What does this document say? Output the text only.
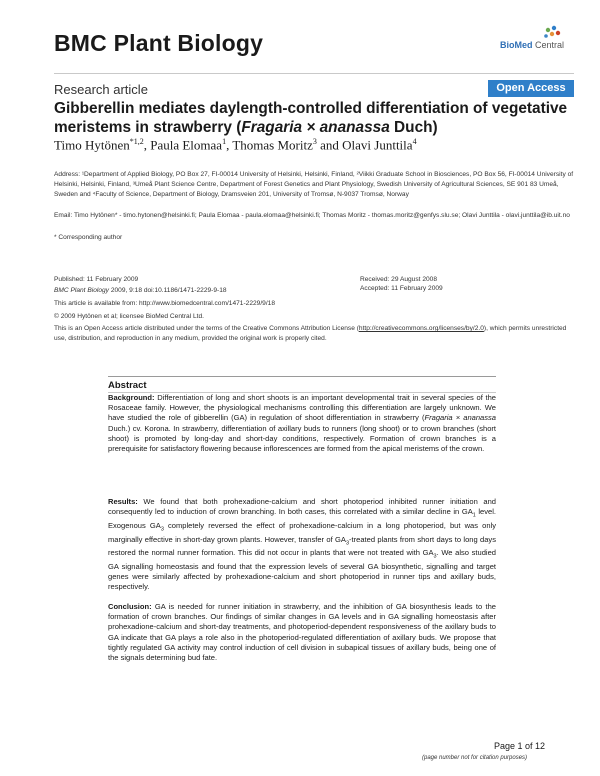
BMC Plant Biology	BioMed Central
Research article	Open Access
Gibberellin mediates daylength-controlled differentiation of vegetative meristems in strawberry (Fragaria × ananassa Duch)
Timo Hytönen$^{*1,2}$, Paula Elomaa$^1$, Thomas Moritz$^3$ and Olavi Junttila$^4$
Address: ¹Department of Applied Biology, PO Box 27, FI-00014 University of Helsinki, Helsinki, Finland, ²Viikki Graduate School in Biosciences, PO Box 56, FI-00014 University of Helsinki, Helsinki, Finland, ³Umeå Plant Science Centre, Department of Forest Genetics and Plant Physiology, Swedish University of Agricultural Sciences, SE 901 83 Umeå, Sweden and ⁴Faculty of Science, Department of Biology, Dramsveien 201, University of Tromsø, N-9037 Tromsø, Norway
Email: Timo Hytönen* - timo.hytonen@helsinki.fi; Paula Elomaa - paula.elomaa@helsinki.fi; Thomas Moritz - thomas.moritz@genfys.slu.se; Olavi Junttila - olavi.junttila@ib.uit.no
* Corresponding author
Published: 11 February 2009
BMC Plant Biology 2009, 9:18 doi:10.1186/1471-2229-9-18
Received: 29 August 2008
Accepted: 11 February 2009
This article is available from: http://www.biomedcentral.com/1471-2229/9/18
© 2009 Hytönen et al; licensee BioMed Central Ltd.
This is an Open Access article distributed under the terms of the Creative Commons Attribution License (http://creativecommons.org/licenses/by/2.0), which permits unrestricted use, distribution, and reproduction in any medium, provided the original work is properly cited.
Abstract
Background: Differentiation of long and short shoots is an important developmental trait in several species of the Rosaceae family. However, the physiological mechanisms controlling this differentiation are largely unknown. We have studied the role of gibberellin (GA) in regulation of shoot differentiation in strawberry (Fragaria × ananassa Duch.) cv. Korona. In strawberry, differentiation of axillary buds to runners (long shoot) or to crown branches (short shoot) is promoted by long-day and short-day conditions, respectively. Formation of crown branches is a prerequisite for satisfactory flowering because inflorescences are formed from the apical meristems of the crown.
Results: We found that both prohexadione-calcium and short photoperiod inhibited runner initiation and consequently led to induction of crown branching. In both cases, this correlated with a similar decline in $GA_1$ level. Exogenous $GA_3$ completely reversed the effect of prohexadione-calcium in a long photoperiod, but was only marginally effective in short-day grown plants. However, transfer of $GA_3$-treated plants from short days to long days restored the normal runner formation. This did not occur in plants that were not treated with $GA_3$. We also studied GA signalling homeostasis and found that the expression levels of several GA biosynthetic, signalling and target genes were similarly affected by prohexadione-calcium and short photoperiod in runner tips and axillary buds, respectively.
Conclusion: GA is needed for runner initiation in strawberry, and the inhibition of GA biosynthesis leads to the formation of crown branches. Our findings of similar changes in GA levels and in GA signalling homeostasis after prohexadione-calcium and short-day treatments, and photoperiod-dependent responsiveness of the axillary buds to GA indicate that GA plays a role also in the photoperiod-regulated differentiation of axillary buds. We propose that tightly regulated GA activity may control induction of cell division in subapical tissues of axillary buds, being one of the signals determining bud fate.
Page 1 of 12
(page number not for citation purposes)
